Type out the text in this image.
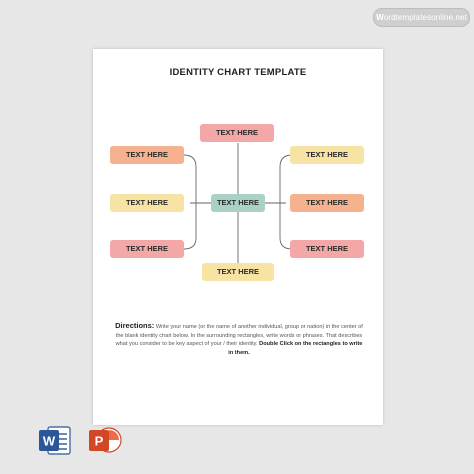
Wordtemplatesonline.net
IDENTITY CHART TEMPLATE
TEXT HERE
TEXT HERE	TEXT HERE
TEXT HERE	TEXT HERE	TEXT HERE
TEXT HERE	TEXT HERE
TEXT HERE
Directions: Write your name (or the name of another individual, group or nation) in the center of the blank identity chart below. In the surrounding rectangles, write words or phrases. That describes what you consider to be key aspect of your / their identity. Double Click on the rectangles to write in them.
W	P
